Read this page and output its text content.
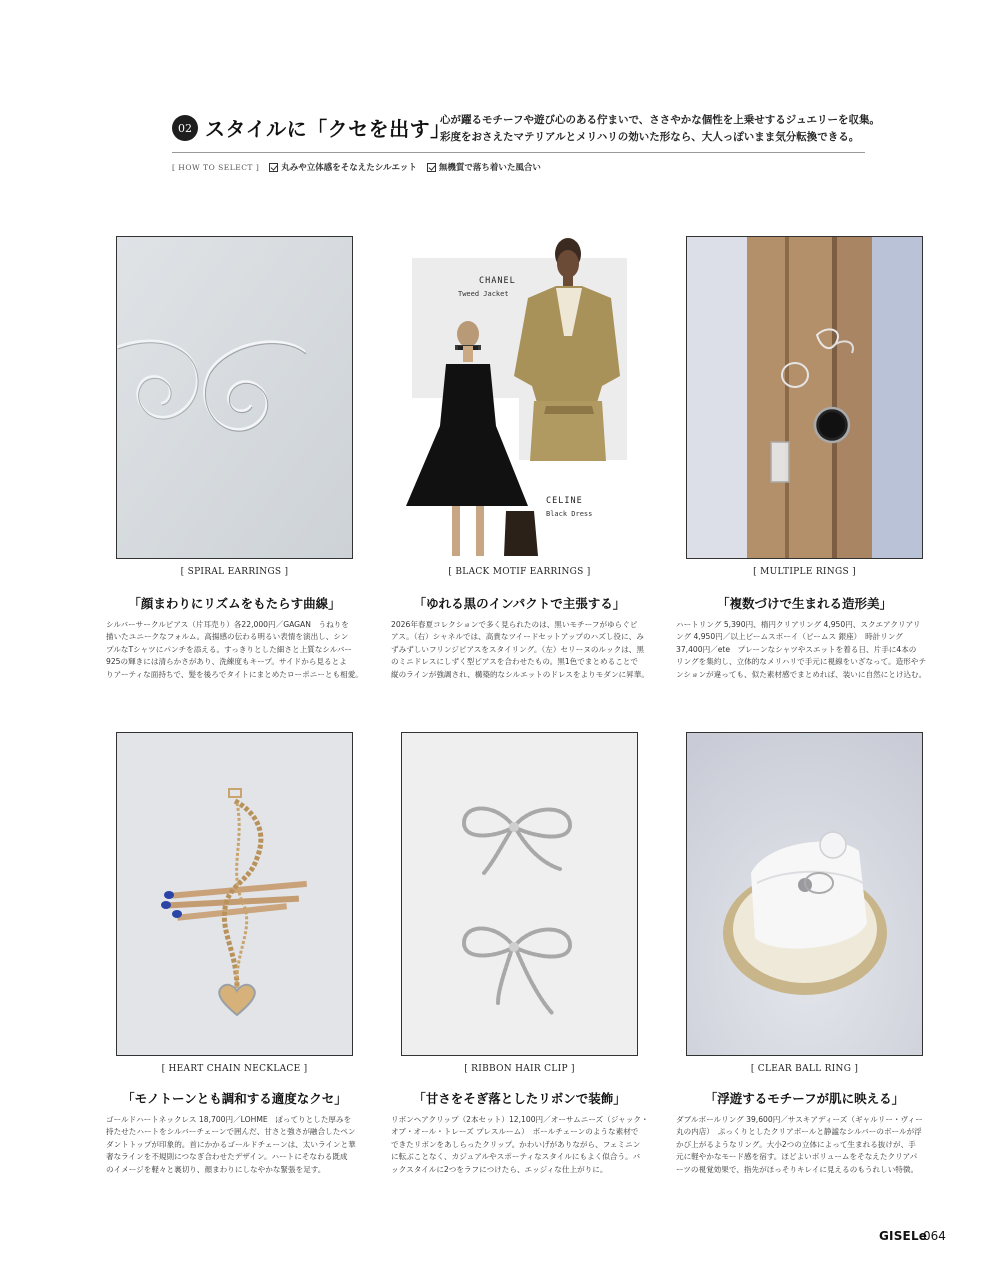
02 スタイルに「クセを出す」
心が躍るモチーフや遊び心のある佇まいで、ささやかな個性を上乗せするジュエリーを収集。
彩度をおさえたマテリアルとメリハリの効いた形なら、大人っぽいまま気分転換できる。
[ HOW TO SELECT ]	丸みや立体感をそなえたシルエット	無機質で落ち着いた風合い
[ SPIRAL EARRINGS ]
「顔まわりにリズムをもたらす曲線」
シルバーサークルピアス（片耳売り）各22,000円／GAGAN　うねりを
描いたユニークなフォルム。高揚感の伝わる明るい表情を演出し、シン
プルなTシャツにパンチを添える。すっきりとした細さと上質なシルバー
925の輝きには清らかさがあり、洗練度もキープ。サイドから見るとよ
りアーティな面持ちで、髪を後ろでタイトにまとめたローポニーとも相愛。
CHANEL
Tweed Jacket
CELINE
Black Dress
[ BLACK MOTIF EARRINGS ]
「ゆれる黒のインパクトで主張する」
2026年春夏コレクションで多く見られたのは、黒いモチーフがゆらぐピ
アス。（右）シャネルでは、高貴なツイードセットアップのハズし役に、み
ずみずしいフリンジピアスをスタイリング。（左）セリーヌのルックは、黒
のミニドレスにしずく型ピアスを合わせたもの。黒1色でまとめることで
縦のラインが強調され、構築的なシルエットのドレスをよりモダンに昇華。
[ MULTIPLE RINGS ]
「複数づけで生まれる造形美」
ハートリング 5,390円、楕円クリアリング 4,950円、スクエアクリアリ
ング 4,950円／以上ビームスボーイ（ビームス 銀座）　時計リング
37,400円／ete　プレーンなシャツやスエットを着る日、片手に4本の
リングを集約し、立体的なメリハリで手元に視線をいざなって。造形やテ
ンションが違っても、似た素材感でまとめれば、装いに自然にとけ込む。
[ HEART CHAIN NECKLACE ]
「モノトーンとも調和する適度なクセ」
ゴールドハートネックレス 18,700円／LOHME　ぽってりとした厚みを
持たせたハートをシルバーチェーンで囲んだ、甘さと強さが融合したペン
ダントトップが印象的。首にかかるゴールドチェーンは、太いラインと華
奢なラインを不規則につなぎ合わせたデザイン。ハートにそなわる既成
のイメージを軽々と裏切り、顔まわりにしなやかな緊張を足す。
[ RIBBON HAIR CLIP ]
「甘さをそぎ落としたリボンで装飾」
リボンヘアクリップ（2本セット）12,100円／オーサムニーズ（ジャック・
オブ・オール・トレーズ プレスルーム）　ボールチェーンのような素材で
できたリボンをあしらったクリップ。かわいげがありながら、フェミニン
に転ぶことなく、カジュアルやスポーティなスタイルにもよく似合う。バ
ックスタイルに2つをラフにつけたら、エッジィな仕上がりに。
[ CLEAR BALL RING ]
「浮遊するモチーフが肌に映える」
ダブルボールリング 39,600円／サスキアディーズ（ギャルリー・ヴィー
丸の内店）　ぷっくりとしたクリアボールと静謐なシルバーのボールが浮
かび上がるようなリング。大小2つの立体によって生まれる抜けが、手
元に軽やかなモード感を宿す。ほどよいボリュームをそなえたクリアパ
ーツの視覚効果で、指先がほっそりキレイに見えるのもうれしい特徴。
GISELe
064
